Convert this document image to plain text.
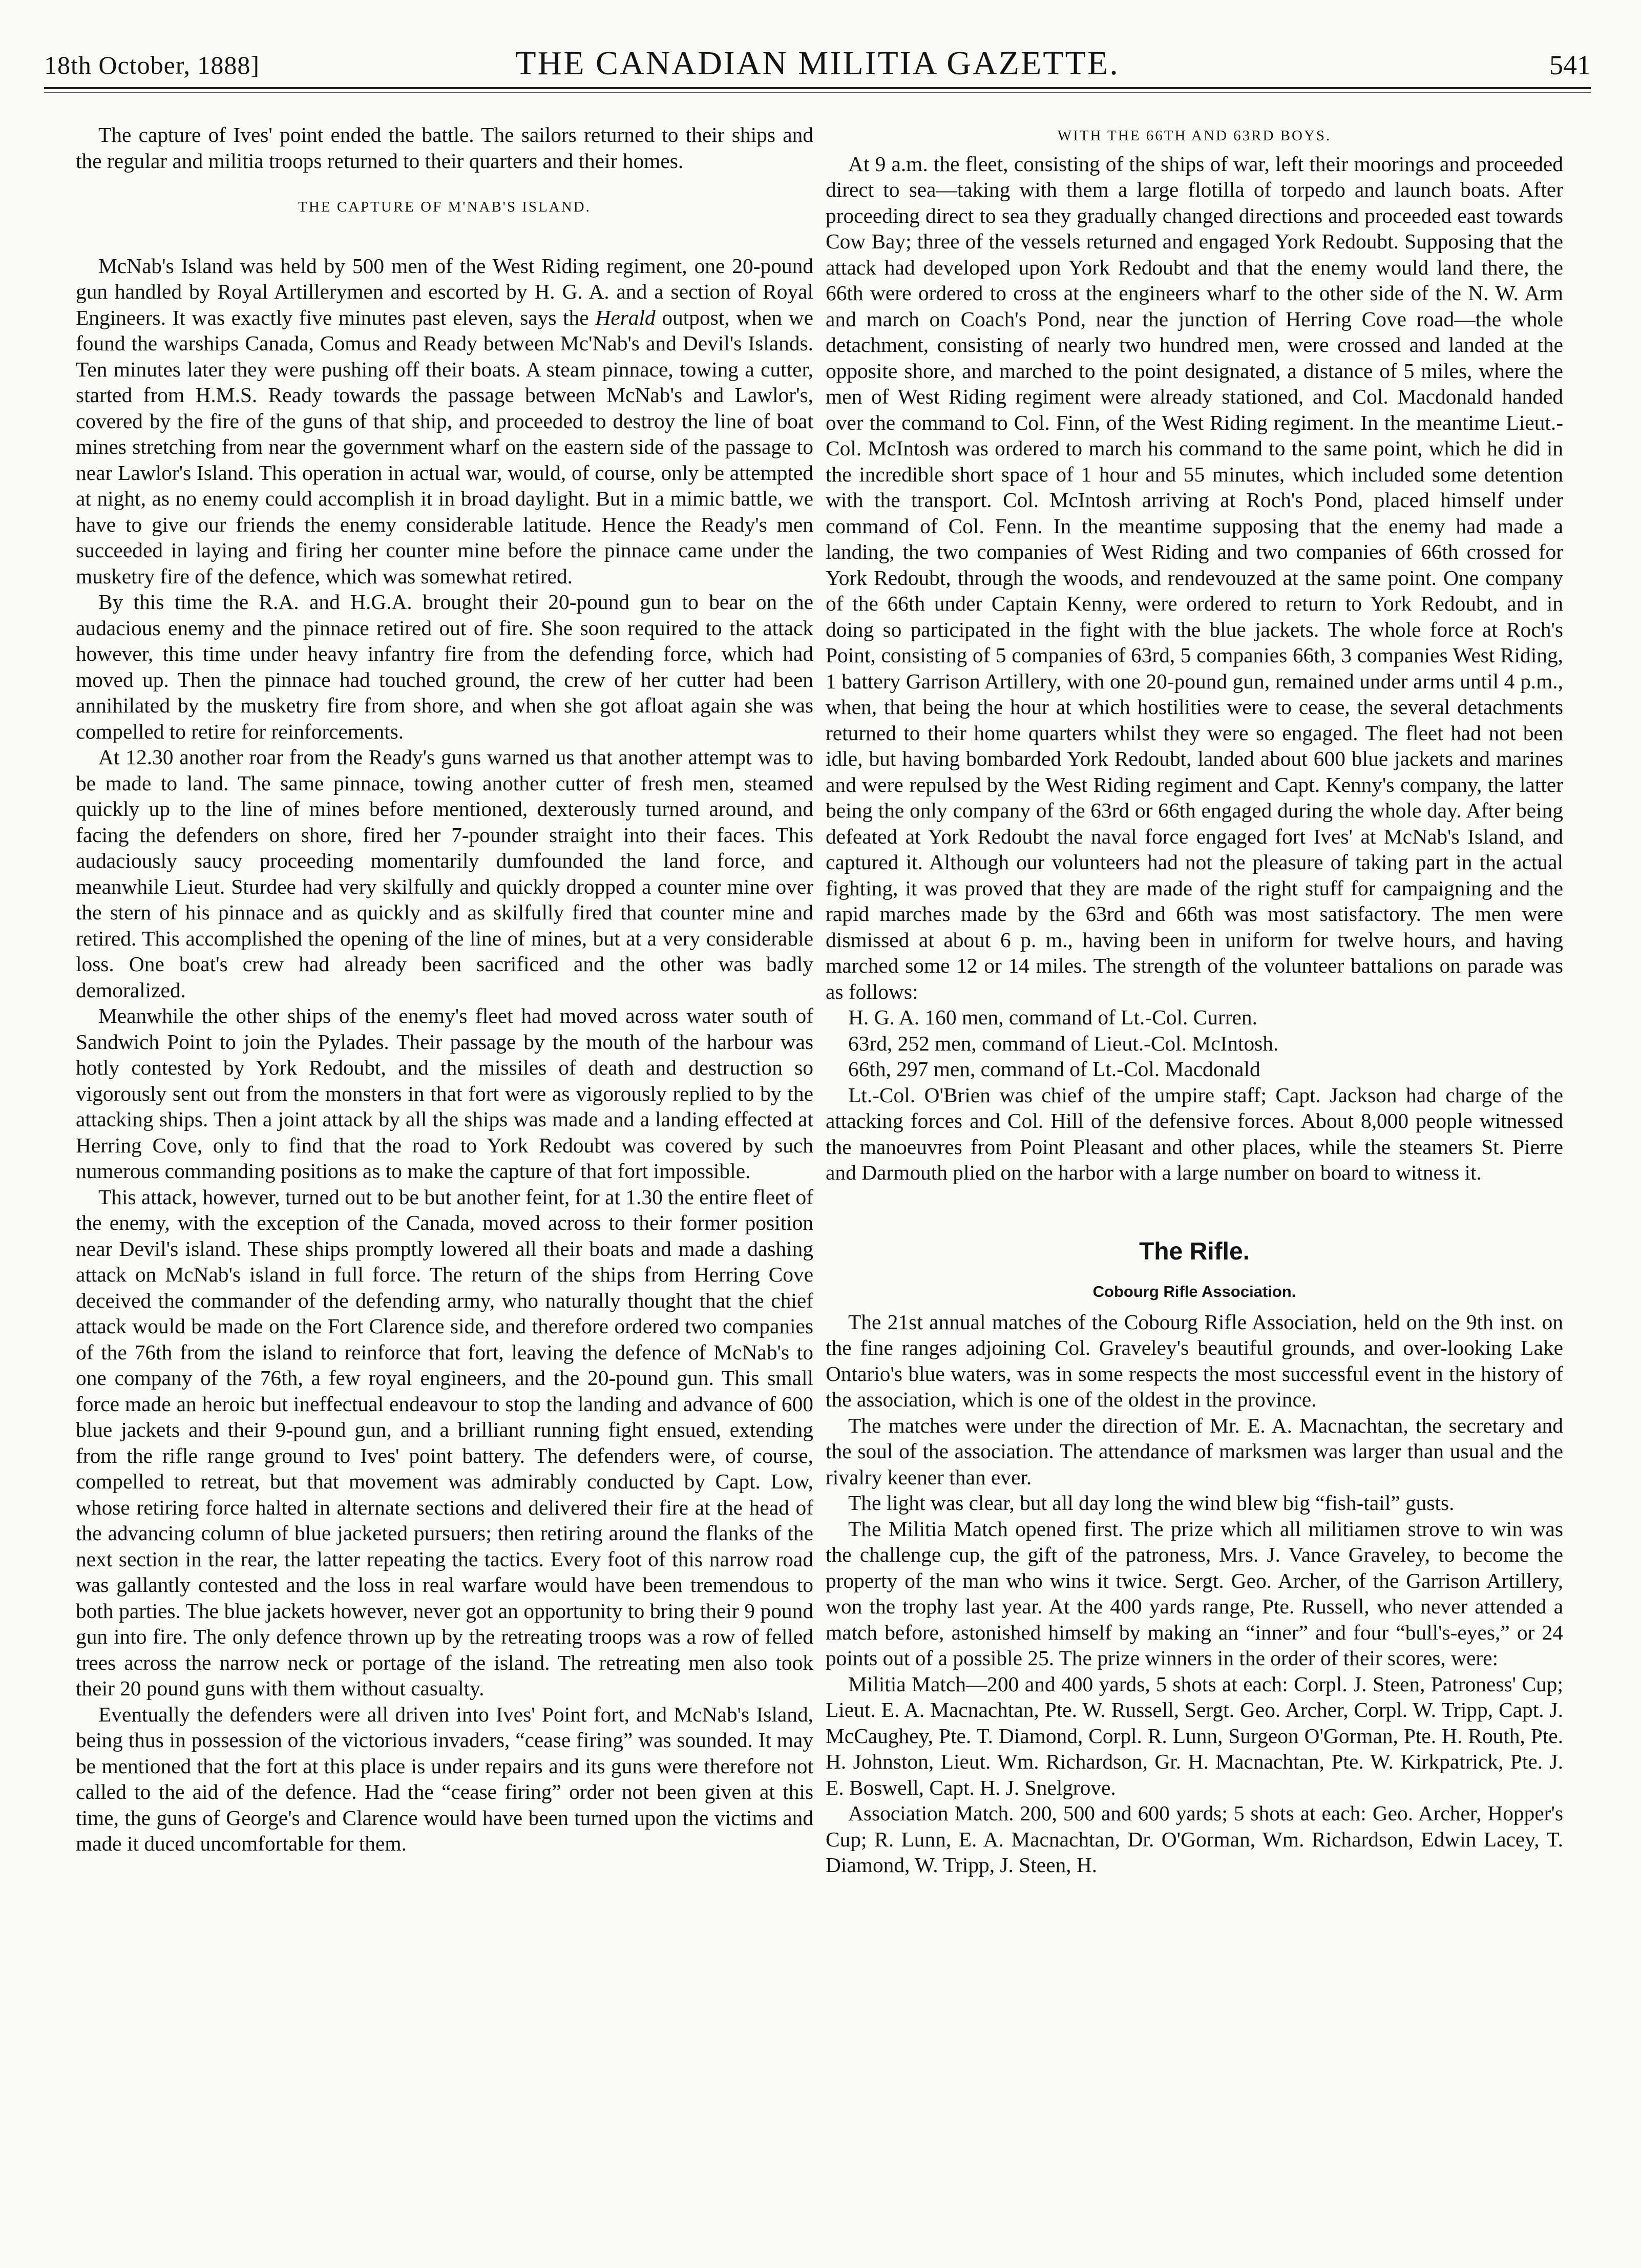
18th October, 1888]	THE CANADIAN MILITIA GAZETTE.	541

The capture of Ives' point ended the battle. The sailors returned to their ships and the regular and militia troops returned to their quarters and their homes.

THE CAPTURE OF M'NAB'S ISLAND.

McNab's Island was held by 500 men of the West Riding regiment, one 20-pound gun handled by Royal Artillerymen and escorted by H. G. A. and a section of Royal Engineers. It was exactly five minutes past eleven, says the Herald outpost, when we found the warships Canada, Comus and Ready between Mc'Nab's and Devil's Islands. Ten minutes later they were pushing off their boats. A steam pinnace, towing a cutter, started from H.M.S. Ready towards the passage between McNab's and Lawlor's, covered by the fire of the guns of that ship, and proceeded to destroy the line of boat mines stretching from near the government wharf on the eastern side of the passage to near Lawlor's Island. This operation in actual war, would, of course, only be attempted at night, as no enemy could accomplish it in broad daylight. But in a mimic battle, we have to give our friends the enemy considerable latitude. Hence the Ready's men succeeded in laying and firing her counter mine before the pinnace came under the musketry fire of the defence, which was somewhat retired.

By this time the R.A. and H.G.A. brought their 20-pound gun to bear on the audacious enemy and the pinnace retired out of fire. She soon required to the attack however, this time under heavy infantry fire from the defending force, which had moved up. Then the pinnace had touched ground, the crew of her cutter had been annihilated by the musketry fire from shore, and when she got afloat again she was compelled to retire for reinforcements.

At 12.30 another roar from the Ready's guns warned us that another attempt was to be made to land. The same pinnace, towing another cutter of fresh men, steamed quickly up to the line of mines before mentioned, dexterously turned around, and facing the defenders on shore, fired her 7-pounder straight into their faces. This audaciously saucy proceeding momentarily dumfounded the land force, and meanwhile Lieut. Sturdee had very skilfully and quickly dropped a counter mine over the stern of his pinnace and as quickly and as skilfully fired that counter mine and retired. This accomplished the opening of the line of mines, but at a very considerable loss. One boat's crew had already been sacrificed and the other was badly demoralized.

Meanwhile the other ships of the enemy's fleet had moved across water south of Sandwich Point to join the Pylades. Their passage by the mouth of the harbour was hotly contested by York Redoubt, and the missiles of death and destruction so vigorously sent out from the monsters in that fort were as vigorously replied to by the attacking ships. Then a joint attack by all the ships was made and a landing effected at Herring Cove, only to find that the road to York Redoubt was covered by such numerous commanding positions as to make the capture of that fort impossible.

This attack, however, turned out to be but another feint, for at 1.30 the entire fleet of the enemy, with the exception of the Canada, moved across to their former position near Devil's island. These ships promptly lowered all their boats and made a dashing attack on McNab's island in full force. The return of the ships from Herring Cove deceived the commander of the defending army, who naturally thought that the chief attack would be made on the Fort Clarence side, and therefore ordered two companies of the 76th from the island to reinforce that fort, leaving the defence of McNab's to one company of the 76th, a few royal engineers, and the 20-pound gun. This small force made an heroic but ineffectual endeavour to stop the landing and advance of 600 blue jackets and their 9-pound gun, and a brilliant running fight ensued, extending from the rifle range ground to Ives' point battery. The defenders were, of course, compelled to retreat, but that movement was admirably conducted by Capt. Low, whose retiring force halted in alternate sections and delivered their fire at the head of the advancing column of blue jacketed pursuers; then retiring around the flanks of the next section in the rear, the latter repeating the tactics. Every foot of this narrow road was gallantly contested and the loss in real warfare would have been tremendous to both parties. The blue jackets however, never got an opportunity to bring their 9 pound gun into fire. The only defence thrown up by the retreating troops was a row of felled trees across the narrow neck or portage of the island. The retreating men also took their 20 pound guns with them without casualty.

Eventually the defenders were all driven into Ives' Point fort, and McNab's Island, being thus in possession of the victorious invaders, “cease firing” was sounded. It may be mentioned that the fort at this place is under repairs and its guns were therefore not called to the aid of the defence. Had the “cease firing” order not been given at this time, the guns of George's and Clarence would have been turned upon the victims and made it duced uncomfortable for them.

WITH THE 66TH AND 63RD BOYS.

At 9 a.m. the fleet, consisting of the ships of war, left their moorings and proceeded direct to sea—taking with them a large flotilla of torpedo and launch boats. After proceeding direct to sea they gradually changed directions and proceeded east towards Cow Bay; three of the vessels returned and engaged York Redoubt. Supposing that the attack had developed upon York Redoubt and that the enemy would land there, the 66th were ordered to cross at the engineers wharf to the other side of the N. W. Arm and march on Coach's Pond, near the junction of Herring Cove road—the whole detachment, consisting of nearly two hundred men, were crossed and landed at the opposite shore, and marched to the point designated, a distance of 5 miles, where the men of West Riding regiment were already stationed, and Col. Macdonald handed over the command to Col. Finn, of the West Riding regiment. In the meantime Lieut.-Col. McIntosh was ordered to march his command to the same point, which he did in the incredible short space of 1 hour and 55 minutes, which included some detention with the transport. Col. McIntosh arriving at Roch's Pond, placed himself under command of Col. Fenn. In the meantime supposing that the enemy had made a landing, the two companies of West Riding and two companies of 66th crossed for York Redoubt, through the woods, and rendevouzed at the same point. One company of the 66th under Captain Kenny, were ordered to return to York Redoubt, and in doing so participated in the fight with the blue jackets. The whole force at Roch's Point, consisting of 5 companies of 63rd, 5 companies 66th, 3 companies West Riding, 1 battery Garrison Artillery, with one 20-pound gun, remained under arms until 4 p.m., when, that being the hour at which hostilities were to cease, the several detachments returned to their home quarters whilst they were so engaged. The fleet had not been idle, but having bombarded York Redoubt, landed about 600 blue jackets and marines and were repulsed by the West Riding regiment and Capt. Kenny's company, the latter being the only company of the 63rd or 66th engaged during the whole day. After being defeated at York Redoubt the naval force engaged fort Ives' at McNab's Island, and captured it. Although our volunteers had not the pleasure of taking part in the actual fighting, it was proved that they are made of the right stuff for campaigning and the rapid marches made by the 63rd and 66th was most satisfactory. The men were dismissed at about 6 p. m., having been in uniform for twelve hours, and having marched some 12 or 14 miles. The strength of the volunteer battalions on parade was as follows:

H. G. A. 160 men, command of Lt.-Col. Curren.

63rd, 252 men, command of Lieut.-Col. McIntosh.

66th, 297 men, command of Lt.-Col. Macdonald

Lt.-Col. O'Brien was chief of the umpire staff; Capt. Jackson had charge of the attacking forces and Col. Hill of the defensive forces. About 8,000 people witnessed the manoeuvres from Point Pleasant and other places, while the steamers St. Pierre and Darmouth plied on the harbor with a large number on board to witness it.

The Rifle.
Cobourg Rifle Association.

The 21st annual matches of the Cobourg Rifle Association, held on the 9th inst. on the fine ranges adjoining Col. Graveley's beautiful grounds, and over-looking Lake Ontario's blue waters, was in some respects the most successful event in the history of the association, which is one of the oldest in the province.

The matches were under the direction of Mr. E. A. Macnachtan, the secretary and the soul of the association. The attendance of marksmen was larger than usual and the rivalry keener than ever.

The light was clear, but all day long the wind blew big “fish-tail” gusts.

The Militia Match opened first. The prize which all militiamen strove to win was the challenge cup, the gift of the patroness, Mrs. J. Vance Graveley, to become the property of the man who wins it twice. Sergt. Geo. Archer, of the Garrison Artillery, won the trophy last year. At the 400 yards range, Pte. Russell, who never attended a match before, astonished himself by making an “inner” and four “bull's-eyes,” or 24 points out of a possible 25. The prize winners in the order of their scores, were:

Militia Match—200 and 400 yards, 5 shots at each: Corpl. J. Steen, Patroness' Cup; Lieut. E. A. Macnachtan, Pte. W. Russell, Sergt. Geo. Archer, Corpl. W. Tripp, Capt. J. McCaughey, Pte. T. Diamond, Corpl. R. Lunn, Surgeon O'Gorman, Pte. H. Routh, Pte. H. Johnston, Lieut. Wm. Richardson, Gr. H. Macnachtan, Pte. W. Kirkpatrick, Pte. J. E. Boswell, Capt. H. J. Snelgrove.

Association Match. 200, 500 and 600 yards; 5 shots at each: Geo. Archer, Hopper's Cup; R. Lunn, E. A. Macnachtan, Dr. O'Gorman, Wm. Richardson, Edwin Lacey, T. Diamond, W. Tripp, J. Steen, H.
